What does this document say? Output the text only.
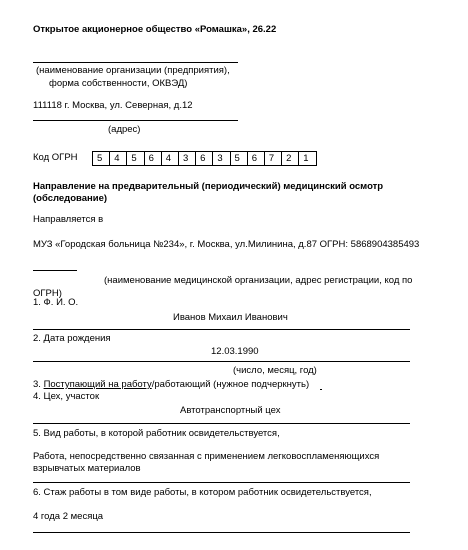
Открытое акционерное общество «Ромашка», 26.22
(наименование организации (предприятия),
форма собственности, ОКВЭД)
111118 г. Москва, ул. Северная, д.12
(адрес)
Код ОГРН	5	4	5	6	4	3	6	3	5	6	7	2	1
Направление на предварительный (периодический) медицинский осмотр
(обследование)
Направляется в
МУЗ «Городская больница №234», г. Москва, ул.Милинина, д.87 ОГРН: 5868904385493
(наименование медицинской организации, адрес регистрации, код по
ОГРН)
1. Ф. И. О.
Иванов Михаил Иванович
2. Дата рождения
12.03.1990
(число, месяц, год)
3. Поступающий на работу/работающий (нужное подчеркнуть)
4. Цех, участок
Автотранспортный цех
5. Вид работы, в которой работник освидетельствуется,
Работа, непосредственно связанная с применением легковоспламеняющихся
взрывчатых материалов
6. Стаж работы в том виде работы, в котором работник освидетельствуется,
4 года 2 месяца
